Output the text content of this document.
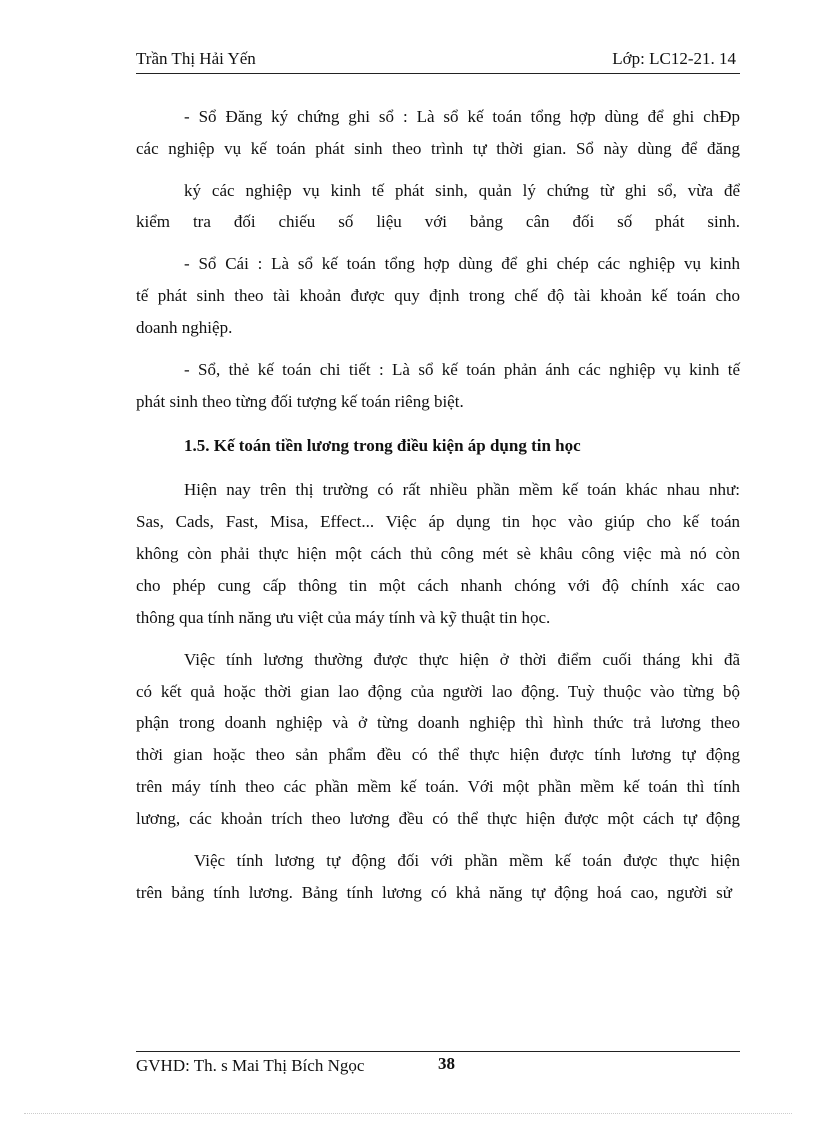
Trần Thị Hải Yến	Lớp: LC12-21. 14
- Sổ Đăng ký chứng ghi sổ : Là sổ kế toán tổng hợp dùng để ghi chÐp
các nghiệp vụ kế toán phát sinh theo trình tự thời gian. Sổ này dùng để đăng
ký các nghiệp vụ kinh tế phát sinh, quản lý chứng từ ghi sổ, vừa để
kiểm tra đối chiếu số liệu với bảng cân đối số phát sinh.
- Sổ Cái : Là sổ kế toán tổng hợp dùng để ghi chép các nghiệp vụ kinh
tế phát sinh theo tài khoản được quy định trong chế độ tài khoản kế toán cho
doanh nghiệp.
- Sổ, thẻ kế toán chi tiết : Là sổ kế toán phản ánh các nghiệp vụ kinh tế
phát sinh theo từng đối tượng kế toán riêng biệt.
1.5. Kế toán tiền lương trong điều kiện áp dụng tin học
Hiện nay trên thị trường có rất nhiều phần mềm kế toán khác nhau như:
Sas, Cads, Fast, Misa, Effect... Việc áp dụng tin học vào giúp cho kế toán
không còn phải thực hiện một cách thủ công mét sè khâu công việc mà nó còn
cho phép cung cấp thông tin một cách nhanh chóng với độ chính xác cao
thông qua tính năng ưu việt của máy tính và kỹ thuật tin học.
Việc tính lương thường được thực hiện ở thời điểm cuối tháng khi đã
có kết quả hoặc thời gian lao động của người lao động. Tuỳ thuộc vào từng bộ
phận trong doanh nghiệp và ở từng doanh nghiệp thì hình thức trả lương theo
thời gian hoặc theo sản phẩm đều có thể thực hiện được tính lương tự động
trên máy tính theo các phần mềm kế toán. Với một phần mềm kế toán thì tính
lương, các khoản trích theo lương đều có thể thực hiện được một cách tự động
Việc tính lương tự động đối với phần mềm kế toán được thực hiện
trên bảng tính lương. Bảng tính lương có khả năng tự động hoá cao, người sử
GVHD: Th. s Mai Thị Bích Ngọc	38
